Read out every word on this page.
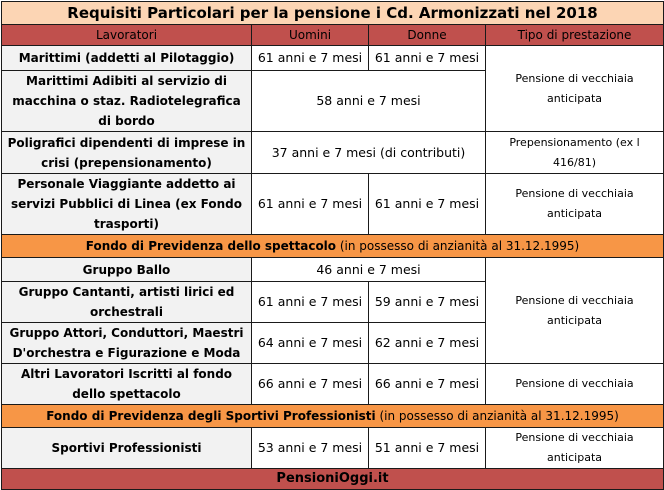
Requisiti Particolari per la pensione i Cd. Armonizzati nel 2018			
Lavoratori	Uomini	Donne	Tipo di prestazione
Marittimi (addetti al Pilotaggio)	61 anni e 7 mesi	61 anni e 7 mesi	Pensione di vecchiaia anticipata
Marittimi Adibiti al servizio di macchina o staz. Radiotelegrafica di bordo	58 anni e 7 mesi		
Poligrafici dipendenti di imprese in crisi (prepensionamento)	37 anni e 7 mesi (di contributi)		Prepensionamento (ex l 416/81)
Personale Viaggiante addetto ai servizi Pubblici di Linea (ex Fondo trasporti)	61 anni e 7 mesi	61 anni e 7 mesi	Pensione di vecchiaia anticipata
Fondo di Previdenza dello spettacolo (in possesso di anzianità al 31.12.1995)			
Gruppo Ballo	46 anni e 7 mesi		Pensione di vecchiaia anticipata
Gruppo Cantanti, artisti lirici ed orchestrali	61 anni e 7 mesi	59 anni e 7 mesi	
Gruppo Attori, Conduttori, Maestri D'orchestra e Figurazione e Moda	64 anni e 7 mesi	62 anni e 7 mesi	
Altri Lavoratori Iscritti al fondo dello spettacolo	66 anni e 7 mesi	66 anni e 7 mesi	Pensione di vecchiaia
Fondo di Previdenza degli Sportivi Professionisti (in possesso di anzianità al 31.12.1995)			
Sportivi Professionisti	53 anni e 7 mesi	51 anni e 7 mesi	Pensione di vecchiaia anticipata
PensioniOggi.it			
